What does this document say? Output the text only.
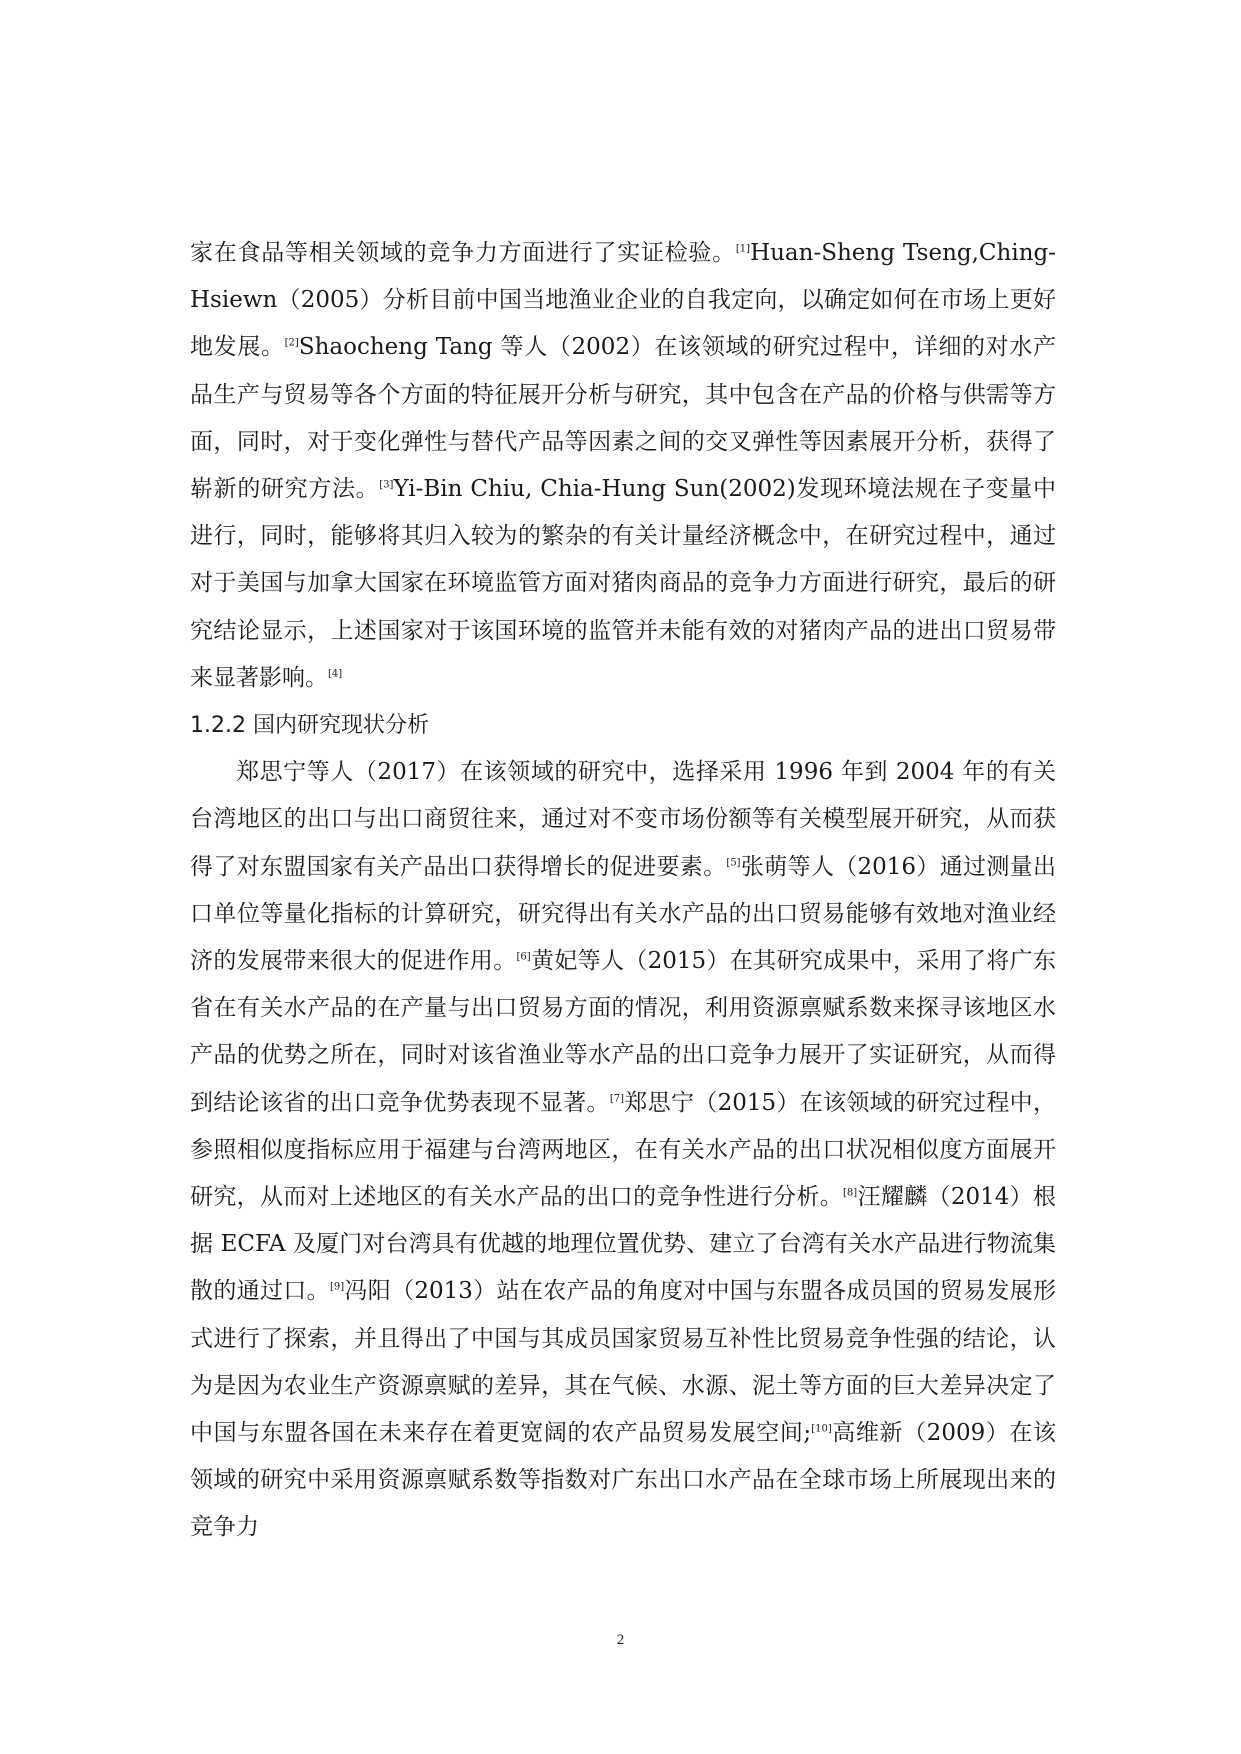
家在食品等相关领域的竞争力方面进行了实证检验。[1]Huan-Sheng Tseng,Ching-Hsiewn（2005）分析目前中国当地渔业企业的自我定向，以确定如何在市场上更好地发展。[2]Shaocheng Tang 等人（2002）在该领域的研究过程中，详细的对水产品生产与贸易等各个方面的特征展开分析与研究，其中包含在产品的价格与供需等方面，同时，对于变化弹性与替代产品等因素之间的交叉弹性等因素展开分析，获得了崭新的研究方法。[3]Yi-Bin Chiu, Chia-Hung Sun(2002)发现环境法规在子变量中进行，同时，能够将其归入较为的繁杂的有关计量经济概念中，在研究过程中，通过对于美国与加拿大国家在环境监管方面对猪肉商品的竞争力方面进行研究，最后的研究结论显示，上述国家对于该国环境的监管并未能有效的对猪肉产品的进出口贸易带来显著影响。[4]

1.2.2 国内研究现状分析

郑思宁等人（2017）在该领域的研究中，选择采用 1996 年到 2004 年的有关台湾地区的出口与出口商贸往来，通过对不变市场份额等有关模型展开研究，从而获得了对东盟国家有关产品出口获得增长的促进要素。[5]张萌等人（2016）通过测量出口单位等量化指标的计算研究，研究得出有关水产品的出口贸易能够有效地对渔业经济的发展带来很大的促进作用。[6]黄妃等人（2015）在其研究成果中，采用了将广东省在有关水产品的在产量与出口贸易方面的情况，利用资源禀赋系数来探寻该地区水产品的优势之所在，同时对该省渔业等水产品的出口竞争力展开了实证研究，从而得到结论该省的出口竞争优势表现不显著。[7]郑思宁（2015）在该领域的研究过程中，参照相似度指标应用于福建与台湾两地区，在有关水产品的出口状况相似度方面展开研究，从而对上述地区的有关水产品的出口的竞争性进行分析。[8]汪耀麟（2014）根据 ECFA 及厦门对台湾具有优越的地理位置优势、建立了台湾有关水产品进行物流集散的通过口。[9]冯阳（2013）站在农产品的角度对中国与东盟各成员国的贸易发展形式进行了探索，并且得出了中国与其成员国家贸易互补性比贸易竞争性强的结论，认为是因为农业生产资源禀赋的差异，其在气候、水源、泥土等方面的巨大差异决定了中国与东盟各国在未来存在着更宽阔的农产品贸易发展空间;[10]高维新（2009）在该领域的研究中采用资源禀赋系数等指数对广东出口水产品在全球市场上所展现出来的竞争力

2
